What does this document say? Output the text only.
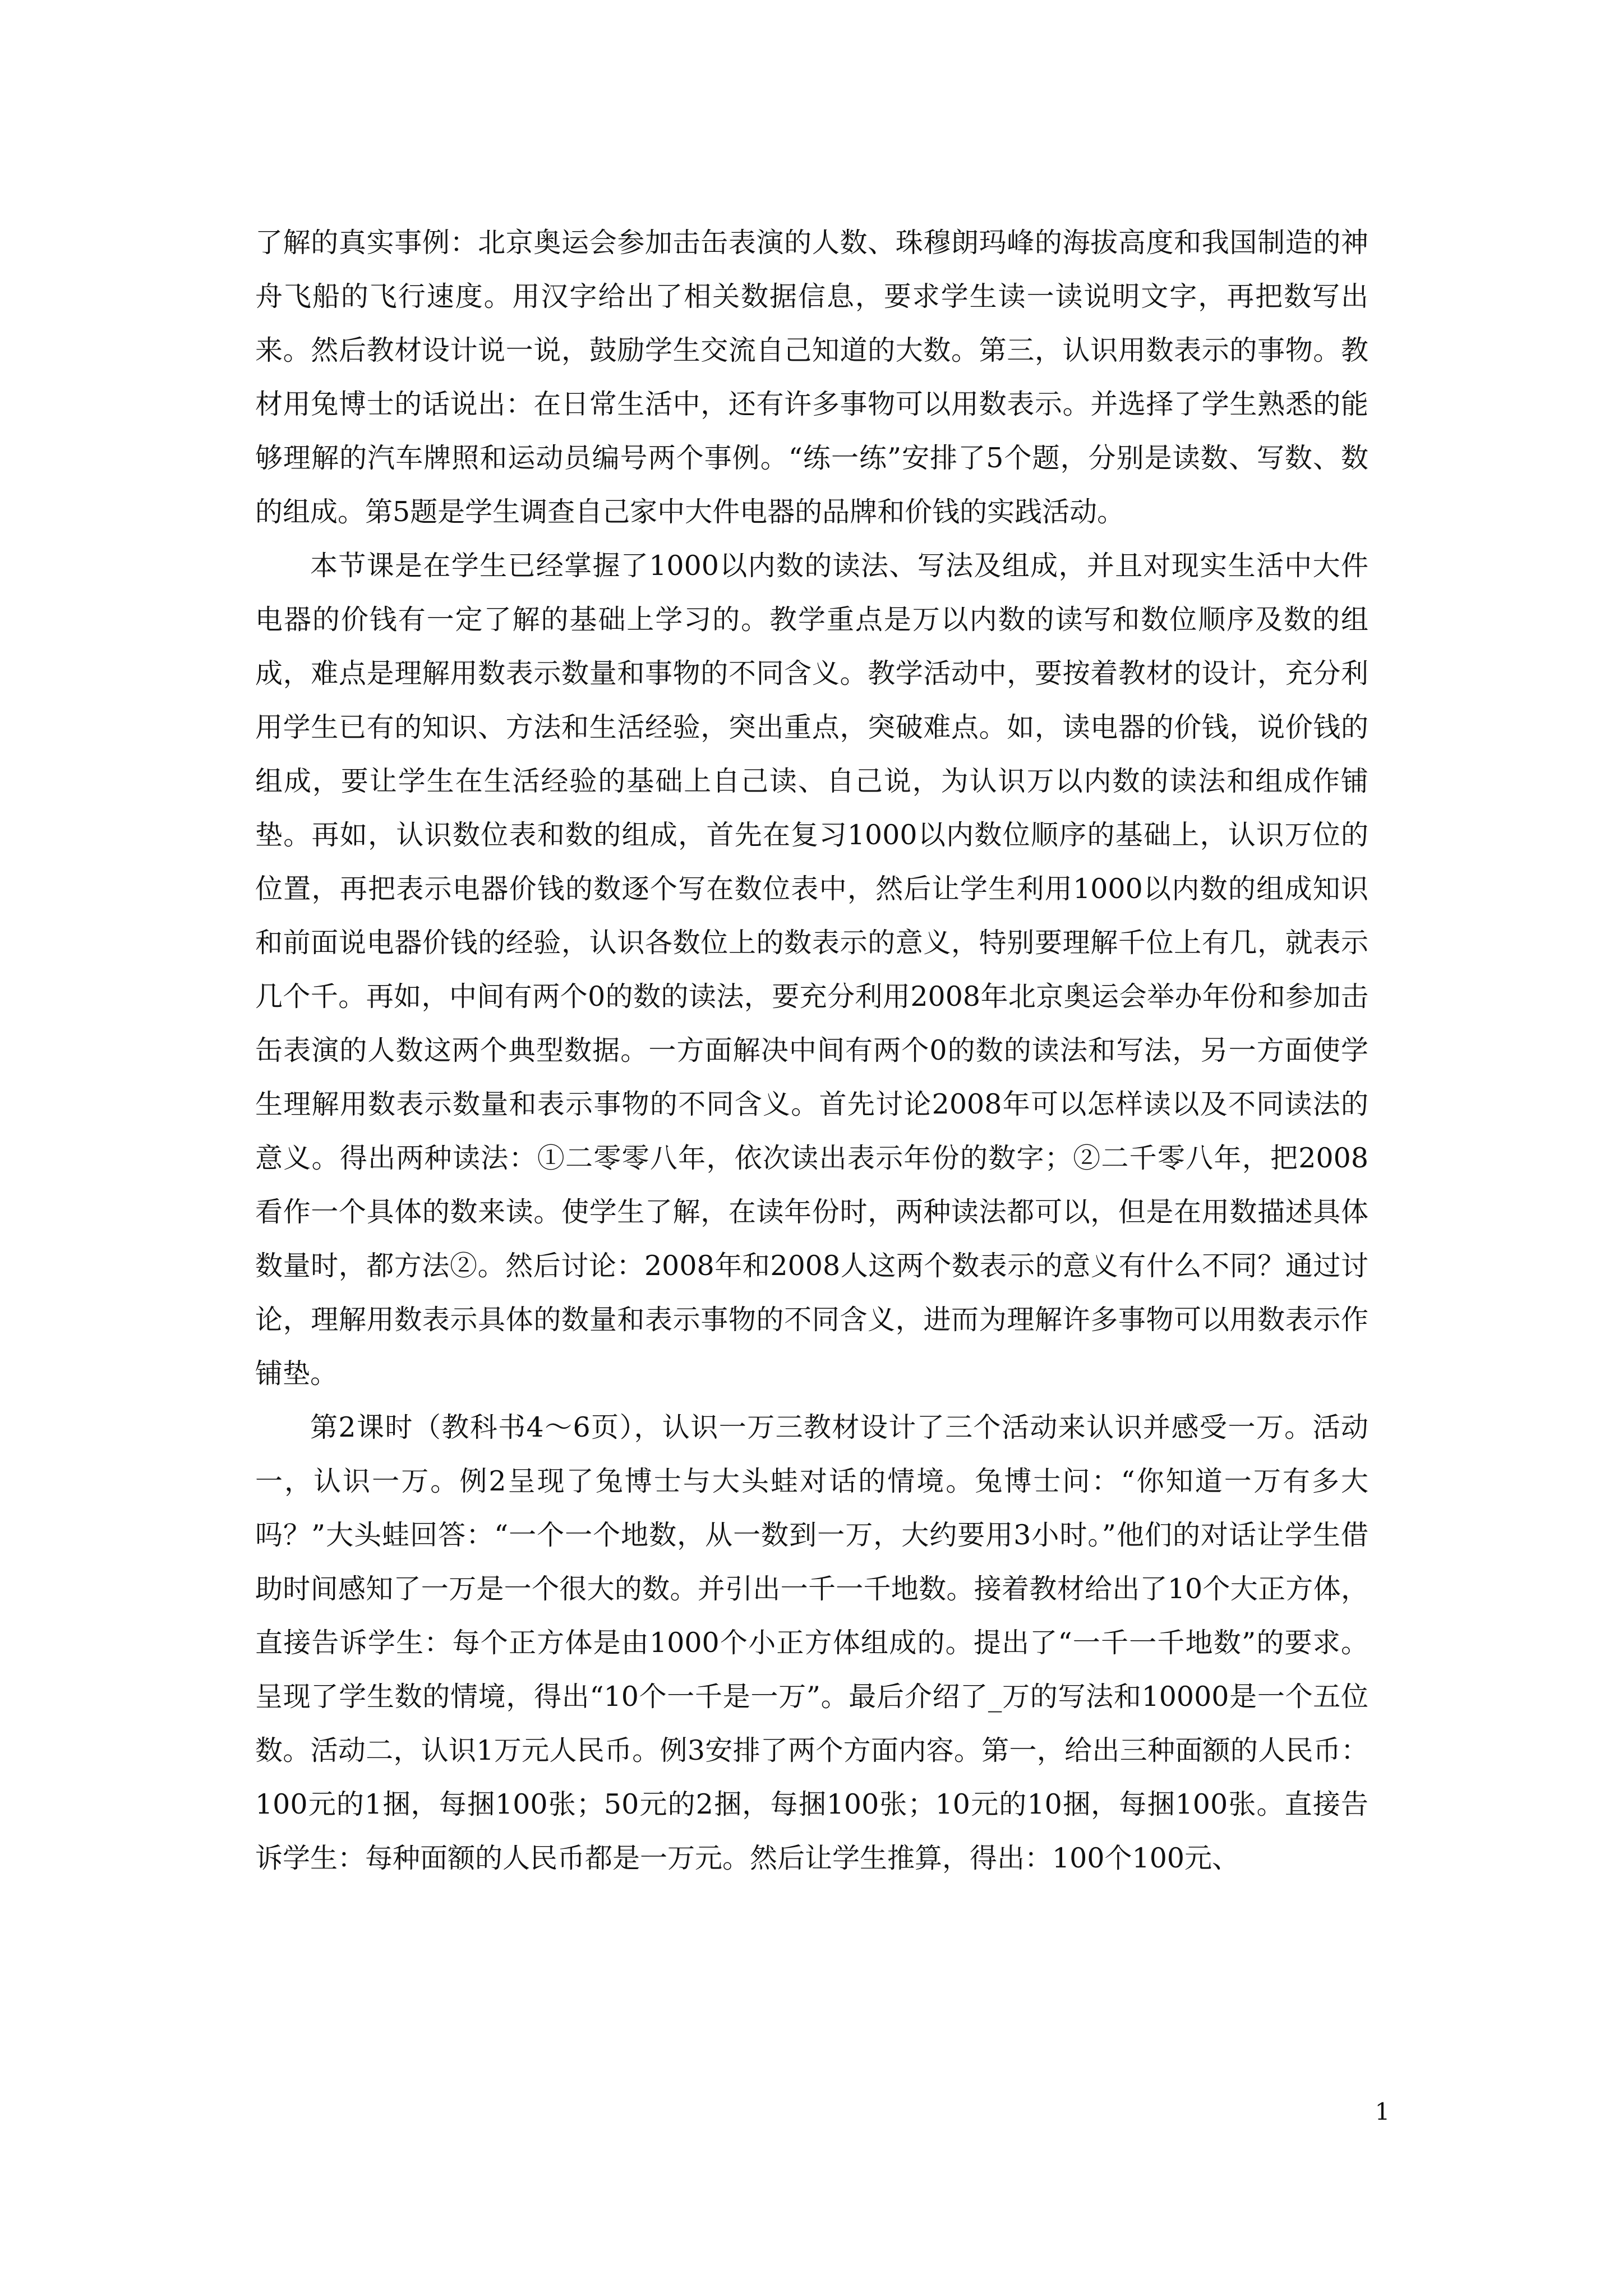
了解的真实事例：北京奥运会参加击缶表演的人数、珠穆朗玛峰的海拔高度和我国制造的神舟飞船的飞行速度。用汉字给出了相关数据信息，要求学生读一读说明文字，再把数写出来。然后教材设计说一说，鼓励学生交流自己知道的大数。第三，认识用数表示的事物。教材用兔博士的话说出：在日常生活中，还有许多事物可以用数表示。并选择了学生熟悉的能够理解的汽车牌照和运动员编号两个事例。“练一练”安排了5个题，分别是读数、写数、数的组成。第5题是学生调查自己家中大件电器的品牌和价钱的实践活动。

本节课是在学生已经掌握了1000以内数的读法、写法及组成，并且对现实生活中大件电器的价钱有一定了解的基础上学习的。教学重点是万以内数的读写和数位顺序及数的组成，难点是理解用数表示数量和事物的不同含义。教学活动中，要按着教材的设计，充分利用学生已有的知识、方法和生活经验，突出重点，突破难点。如，读电器的价钱，说价钱的组成，要让学生在生活经验的基础上自己读、自己说，为认识万以内数的读法和组成作铺垫。再如，认识数位表和数的组成，首先在复习1000以内数位顺序的基础上，认识万位的位置，再把表示电器价钱的数逐个写在数位表中，然后让学生利用1000以内数的组成知识和前面说电器价钱的经验，认识各数位上的数表示的意义，特别要理解千位上有几，就表示几个千。再如，中间有两个0的数的读法，要充分利用2008年北京奥运会举办年份和参加击缶表演的人数这两个典型数据。一方面解决中间有两个0的数的读法和写法，另一方面使学生理解用数表示数量和表示事物的不同含义。首先讨论2008年可以怎样读以及不同读法的意义。得出两种读法：①二零零八年，依次读出表示年份的数字；②二千零八年，把2008看作一个具体的数来读。使学生了解，在读年份时，两种读法都可以，但是在用数描述具体数量时，都方法②。然后讨论：2008年和2008人这两个数表示的意义有什么不同？通过讨论，理解用数表示具体的数量和表示事物的不同含义，进而为理解许多事物可以用数表示作铺垫。

第2课时（教科书4～6页），认识一万三教材设计了三个活动来认识并感受一万。活动一，认识一万。例2呈现了兔博士与大头蛙对话的情境。兔博士问：“你知道一万有多大吗？”大头蛙回答：“一个一个地数，从一数到一万，大约要用3小时。”他们的对话让学生借助时间感知了一万是一个很大的数。并引出一千一千地数。接着教材给出了10个大正方体，直接告诉学生：每个正方体是由1000个小正方体组成的。提出了“一千一千地数”的要求。呈现了学生数的情境，得出“10个一千是一万”。最后介绍了_万的写法和10000是一个五位数。活动二，认识1万元人民币。例3安排了两个方面内容。第一，给出三种面额的人民币：100元的1捆，每捆100张；50元的2捆，每捆100张；10元的10捆，每捆100张。直接告诉学生：每种面额的人民币都是一万元。然后让学生推算，得出：100个100元、

1
